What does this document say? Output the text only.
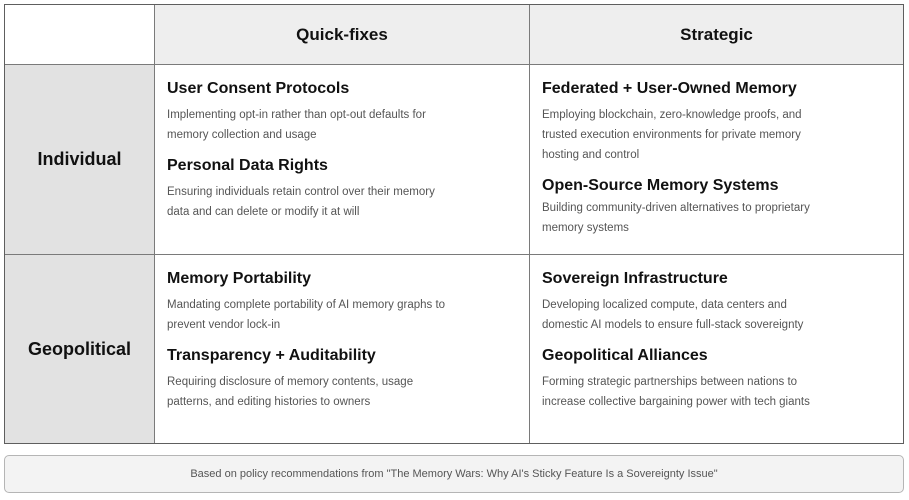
Quick-fixes	Strategic
Individual
User Consent Protocols
Implementing opt-in rather than opt-out defaults for memory collection and usage
Personal Data Rights
Ensuring individuals retain control over their memory data and can delete or modify it at will
Federated + User-Owned Memory
Employing blockchain, zero-knowledge proofs, and trusted execution environments for private memory hosting and control
Open-Source Memory Systems
Building community-driven alternatives to proprietary memory systems
Geopolitical
Memory Portability
Mandating complete portability of AI memory graphs to prevent vendor lock-in
Transparency + Auditability
Requiring disclosure of memory contents, usage patterns, and editing histories to owners
Sovereign Infrastructure
Developing localized compute, data centers and domestic AI models to ensure full-stack sovereignty
Geopolitical Alliances
Forming strategic partnerships between nations to increase collective bargaining power with tech giants
Based on policy recommendations from "The Memory Wars: Why AI's Sticky Feature Is a Sovereignty Issue"
